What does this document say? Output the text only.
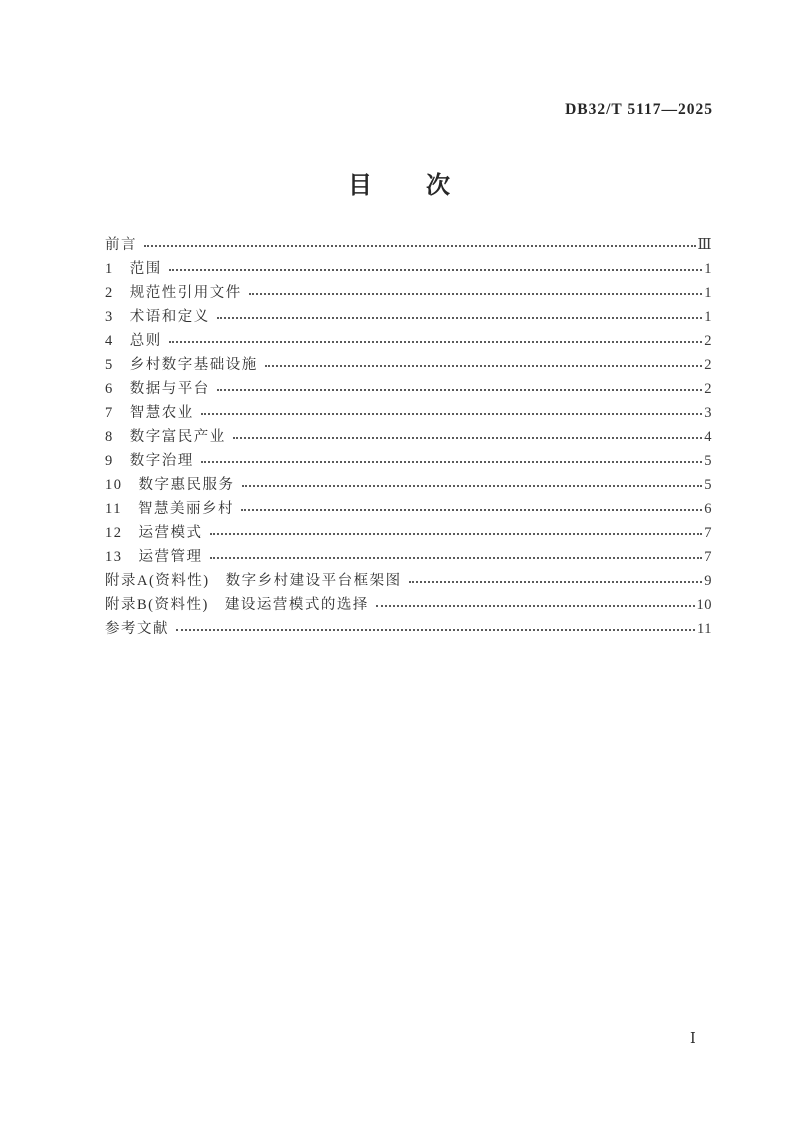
DB32/T 5117—2025
目　　次
前言	Ⅲ
1 范围	1
2 规范性引用文件	1
3 术语和定义	1
4 总则	2
5 乡村数字基础设施	2
6 数据与平台	2
7 智慧农业	3
8 数字富民产业	4
9 数字治理	5
10 数字惠民服务	5
11 智慧美丽乡村	6
12 运营模式	7
13 运营管理	7
附录A(资料性)　数字乡村建设平台框架图	9
附录B(资料性)　建设运营模式的选择	10
参考文献	11
Ⅰ
